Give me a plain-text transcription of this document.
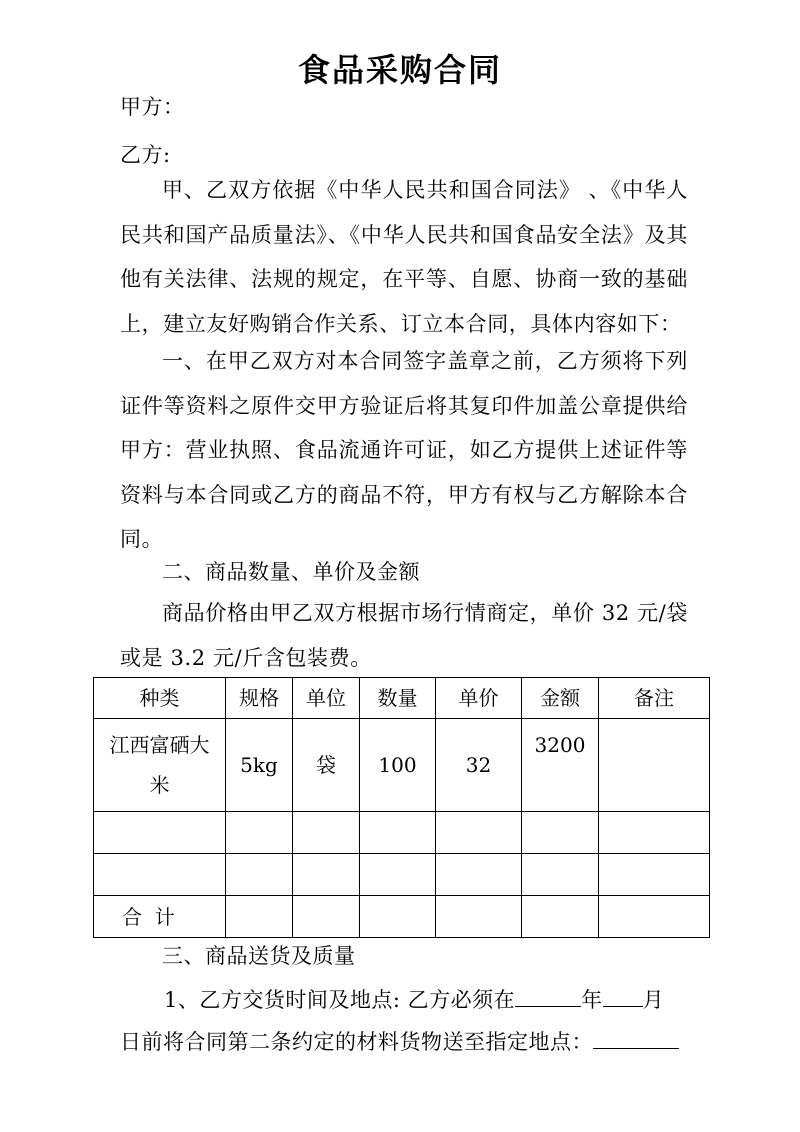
食品采购合同
甲方：
乙方:
甲、乙双方依据《中华人民共和国合同法》 、《中华人民共和国产品质量法》、《中华人民共和国食品安全法》及其他有关法律、法规的规定，在平等、自愿、协商一致的基础上，建立友好购销合作关系、订立本合同，具体内容如下：
一、在甲乙双方对本合同签字盖章之前，乙方须将下列证件等资料之原件交甲方验证后将其复印件加盖公章提供给甲方：营业执照、食品流通许可证，如乙方提供上述证件等资料与本合同或乙方的商品不符，甲方有权与乙方解除本合同。
二、商品数量、单价及金额
商品价格由甲乙双方根据市场行情商定，单价 32 元/袋或是 3.2 元/斤含包装费。
种类	规格	单位	数量	单价	金额	备注

江西富硒大米	5kg	袋	100	32	3200	

合  计						
三、商品送货及质量
1、乙方交货时间及地点: 乙方必须在	年 月
日前将合同第二条约定的材料货物送至指定地点：
